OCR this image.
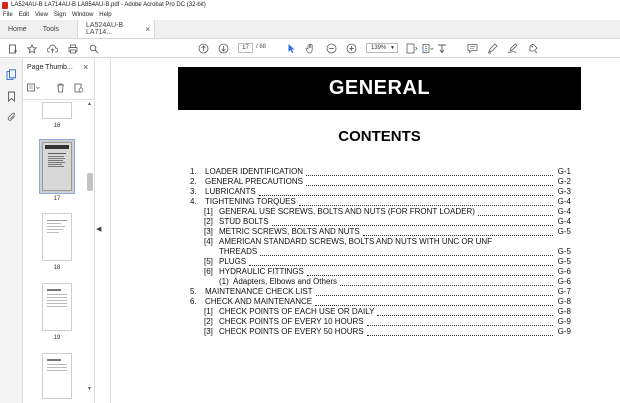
LA524AU-B LA714AU-B LA854AU-B.pdf - Adobe Acrobat Pro DC (32-bit)
File Edit View Sign Window Help
Home	Tools	LA524AU-B LA714...	×
17	/ 68	139% ▼
Page Thumb... ×
16
17
18
19
▲
▼
◀
GENERAL
CONTENTS
1.	LOADER IDENTIFICATION	G-1
2.	GENERAL PRECAUTIONS	G-2
3.	LUBRICANTS	G-3
4.	TIGHTENING TORQUES	G-4
[1] GENERAL USE SCREWS, BOLTS AND NUTS (FOR FRONT LOADER)	G-4
[2] STUD BOLTS	G-4
[3] METRIC SCREWS, BOLTS AND NUTS	G-5
[4] AMERICAN STANDARD SCREWS, BOLTS AND NUTS WITH UNC OR UNF
THREADS	G-5
[5] PLUGS	G-5
[6] HYDRAULIC FITTINGS	G-6
(1) Adapters, Elbows and Others	G-6
5.	MAINTENANCE CHECK LIST	G-7
6.	CHECK AND MAINTENANCE	G-8
[1] CHECK POINTS OF EACH USE OR DAILY	G-8
[2] CHECK POINTS OF EVERY 10 HOURS	G-9
[3] CHECK POINTS OF EVERY 50 HOURS	G-9
